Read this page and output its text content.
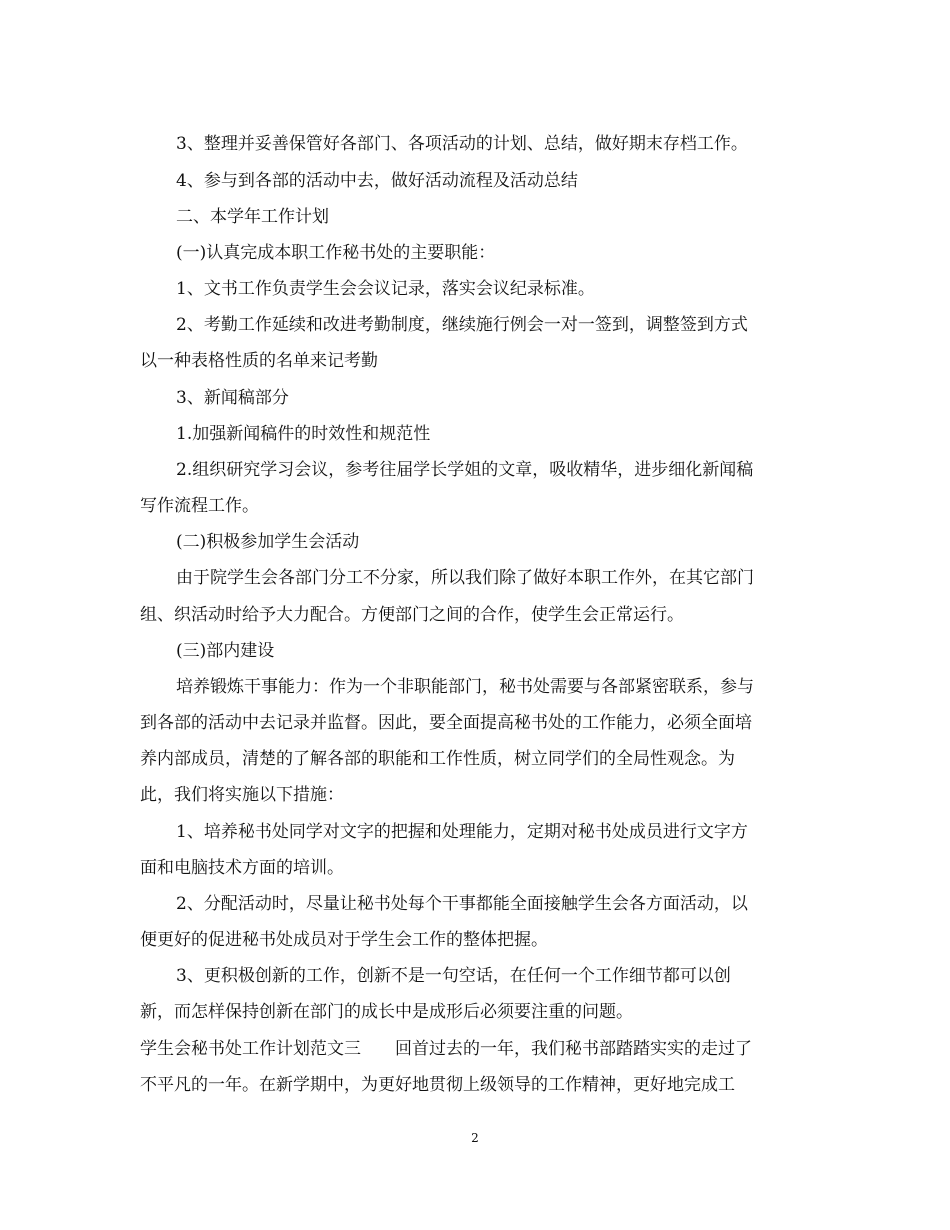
3、整理并妥善保管好各部门、各项活动的计划、总结，做好期末存档工作。
4、参与到各部的活动中去，做好活动流程及活动总结
二、本学年工作计划
(一)认真完成本职工作秘书处的主要职能：
1、文书工作负责学生会会议记录，落实会议纪录标准。
2、考勤工作延续和改进考勤制度，继续施行例会一对一签到，调整签到方式
以一种表格性质的名单来记考勤
3、新闻稿部分
1.加强新闻稿件的时效性和规范性
2.组织研究学习会议，参考往届学长学姐的文章，吸收精华，进步细化新闻稿
写作流程工作。
(二)积极参加学生会活动
由于院学生会各部门分工不分家，所以我们除了做好本职工作外，在其它部门
组、织活动时给予大力配合。方便部门之间的合作，使学生会正常运行。
(三)部内建设
培养锻炼干事能力：作为一个非职能部门，秘书处需要与各部紧密联系，参与
到各部的活动中去记录并监督。因此，要全面提高秘书处的工作能力，必须全面培
养内部成员，清楚的了解各部的职能和工作性质，树立同学们的全局性观念。为
此，我们将实施以下措施：
1、培养秘书处同学对文字的把握和处理能力，定期对秘书处成员进行文字方
面和电脑技术方面的培训。
2、分配活动时，尽量让秘书处每个干事都能全面接触学生会各方面活动，以
便更好的促进秘书处成员对于学生会工作的整体把握。
3、更积极创新的工作，创新不是一句空话，在任何一个工作细节都可以创
新，而怎样保持创新在部门的成长中是成形后必须要注重的问题。
学生会秘书处工作计划范文三　　回首过去的一年，我们秘书部踏踏实实的走过了
不平凡的一年。在新学期中，为更好地贯彻上级领导的工作精神，更好地完成工
2
